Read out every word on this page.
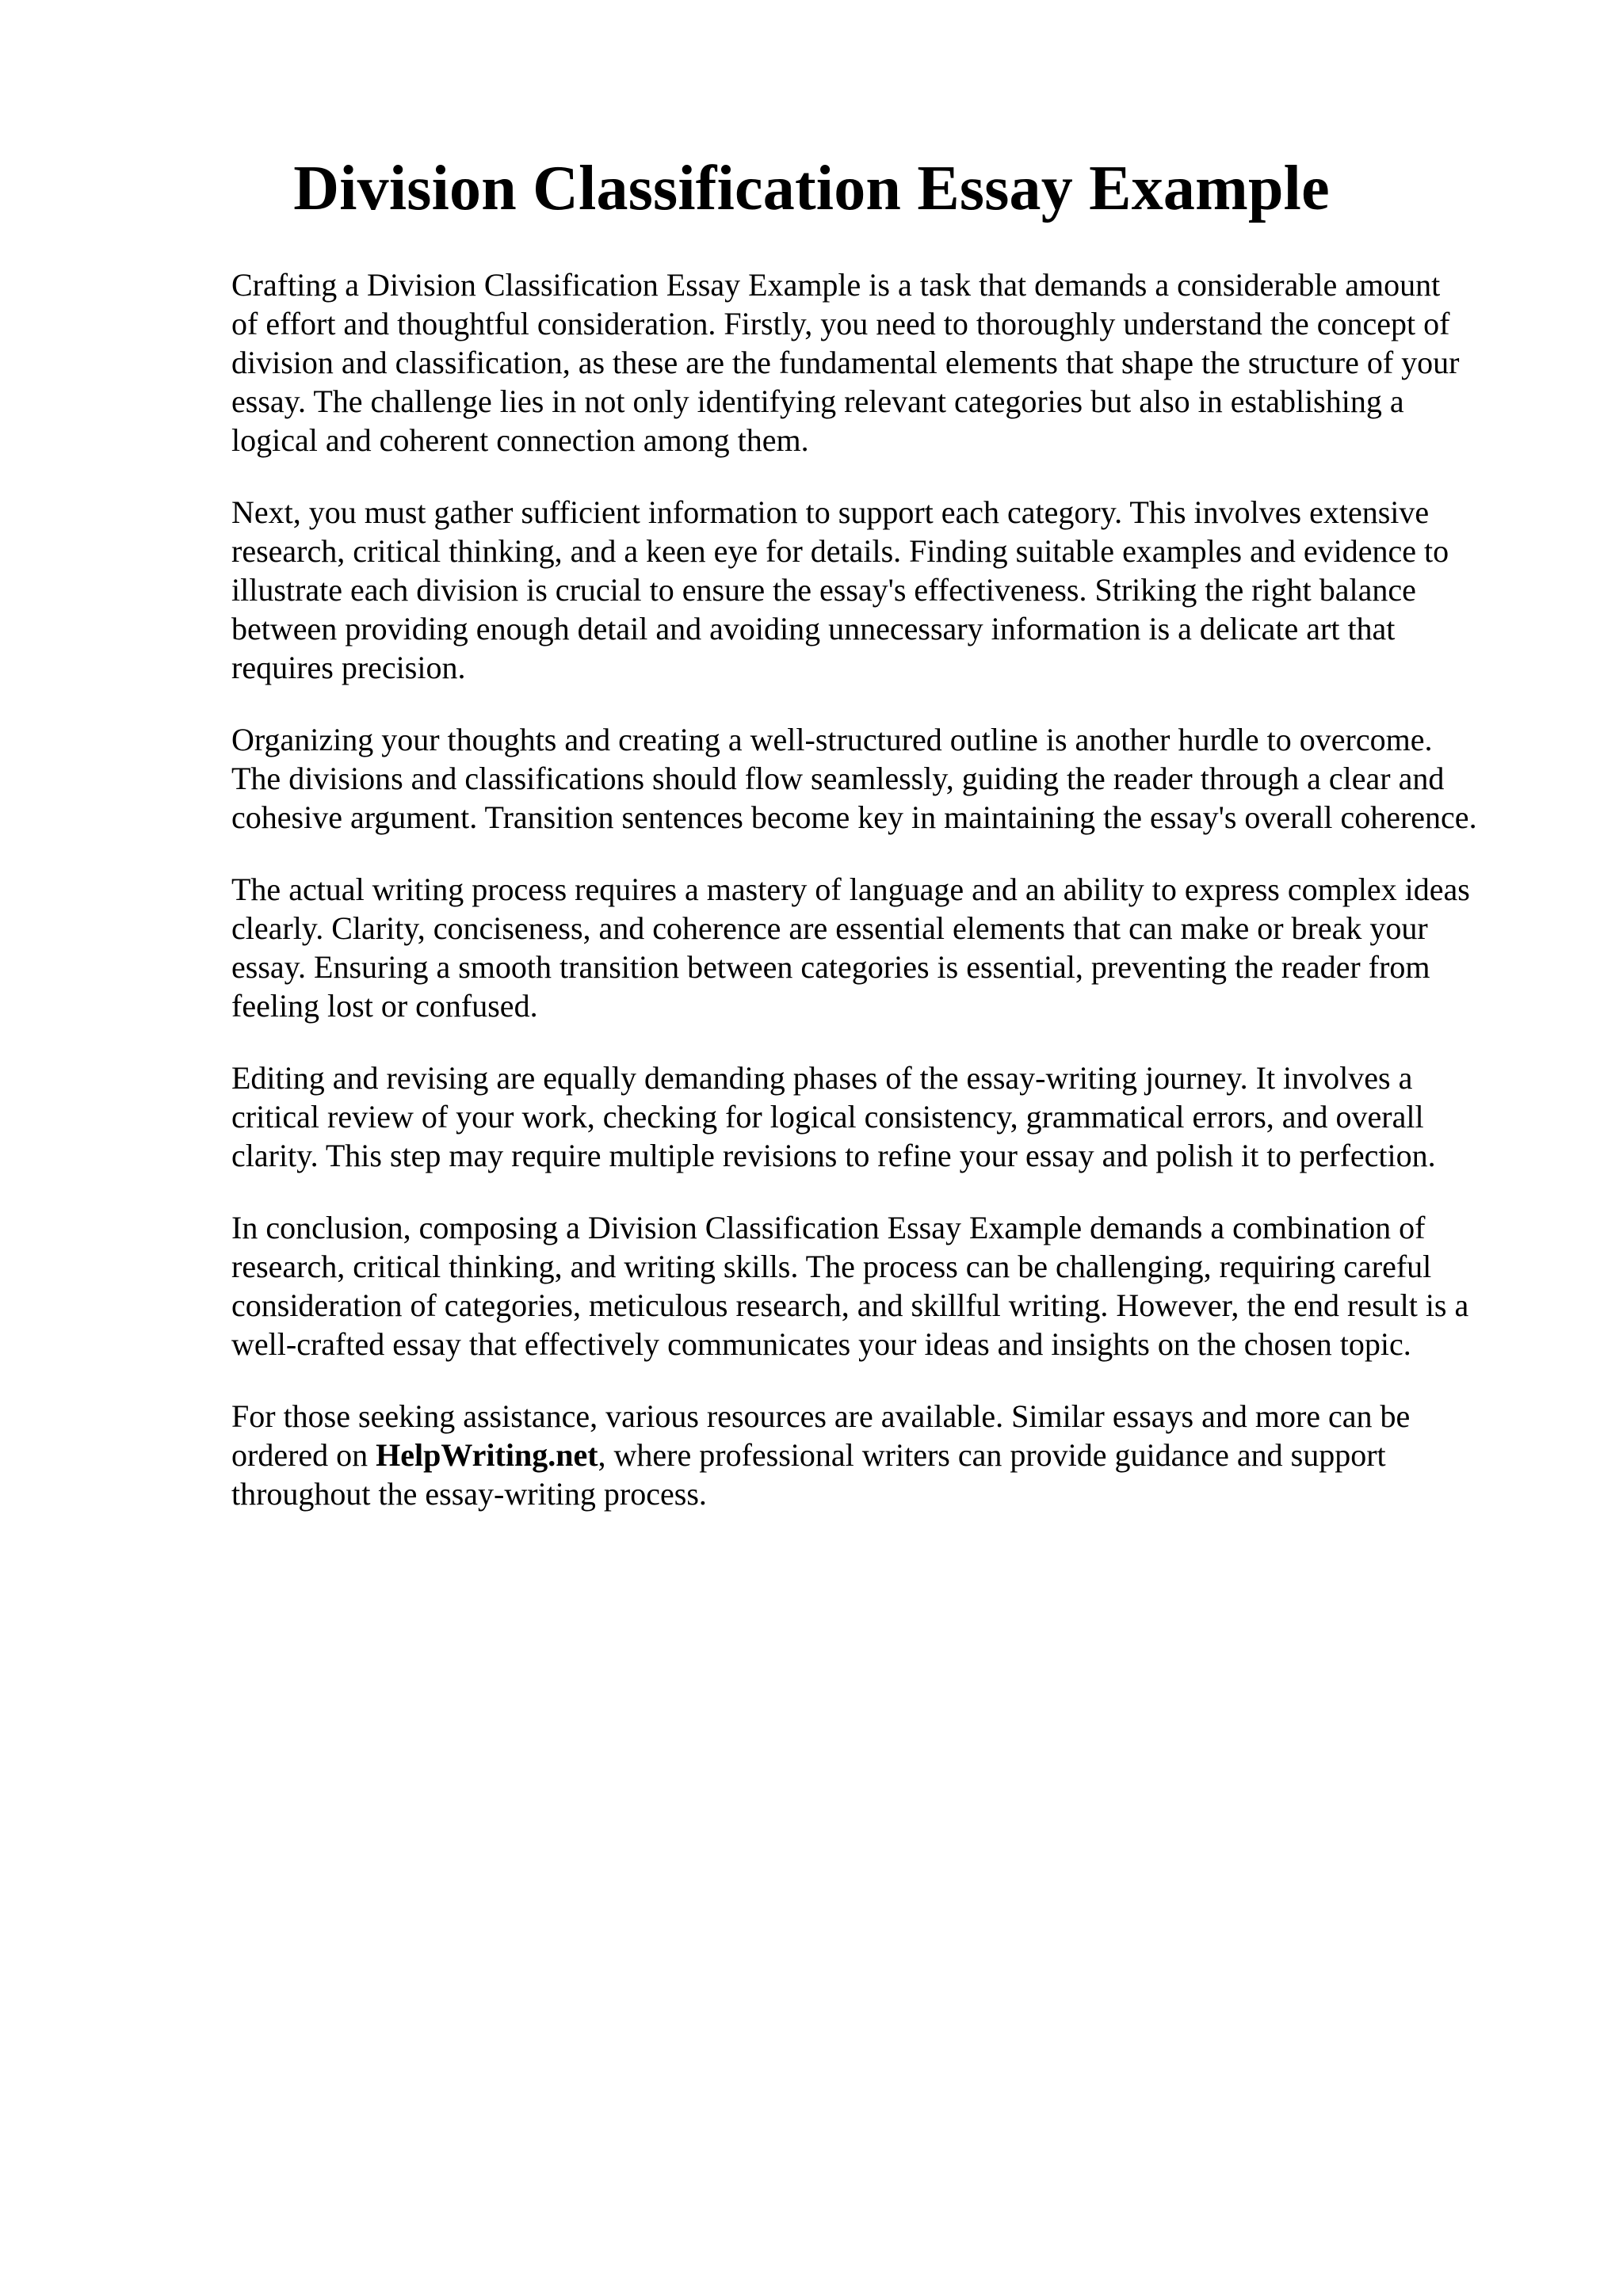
Division Classification Essay Example

Crafting a Division Classification Essay Example is a task that demands a considerable amount
of effort and thoughtful consideration. Firstly, you need to thoroughly understand the concept of
division and classification, as these are the fundamental elements that shape the structure of your
essay. The challenge lies in not only identifying relevant categories but also in establishing a
logical and coherent connection among them.

Next, you must gather sufficient information to support each category. This involves extensive
research, critical thinking, and a keen eye for details. Finding suitable examples and evidence to
illustrate each division is crucial to ensure the essay's effectiveness. Striking the right balance
between providing enough detail and avoiding unnecessary information is a delicate art that
requires precision.

Organizing your thoughts and creating a well-structured outline is another hurdle to overcome.
The divisions and classifications should flow seamlessly, guiding the reader through a clear and
cohesive argument. Transition sentences become key in maintaining the essay's overall coherence.

The actual writing process requires a mastery of language and an ability to express complex ideas
clearly. Clarity, conciseness, and coherence are essential elements that can make or break your
essay. Ensuring a smooth transition between categories is essential, preventing the reader from
feeling lost or confused.

Editing and revising are equally demanding phases of the essay-writing journey. It involves a
critical review of your work, checking for logical consistency, grammatical errors, and overall
clarity. This step may require multiple revisions to refine your essay and polish it to perfection.

In conclusion, composing a Division Classification Essay Example demands a combination of
research, critical thinking, and writing skills. The process can be challenging, requiring careful
consideration of categories, meticulous research, and skillful writing. However, the end result is a
well-crafted essay that effectively communicates your ideas and insights on the chosen topic.

For those seeking assistance, various resources are available. Similar essays and more can be
ordered on HelpWriting.net, where professional writers can provide guidance and support
throughout the essay-writing process.
